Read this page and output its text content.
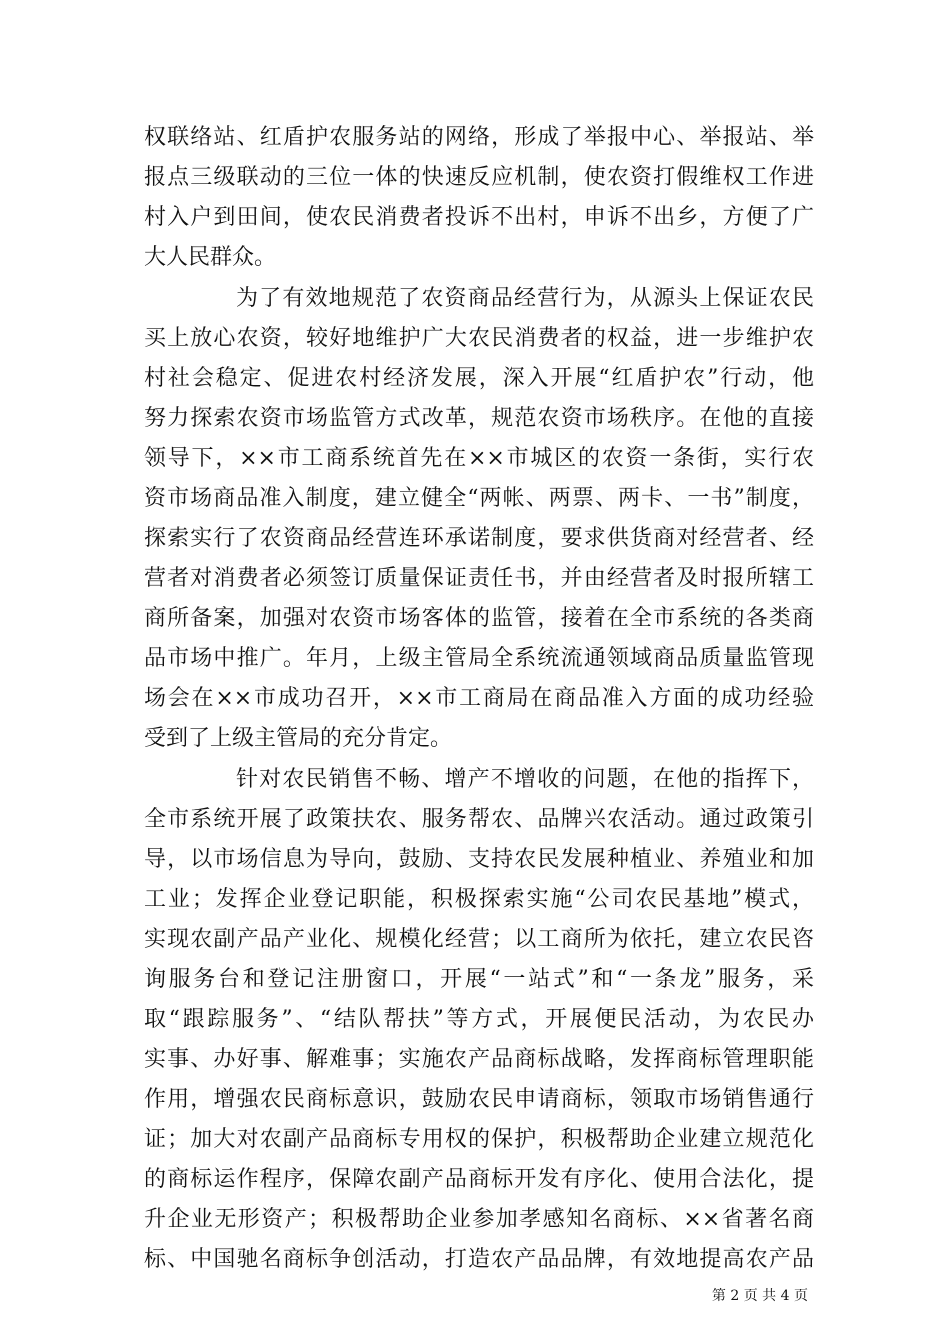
权联络站、红盾护农服务站的网络，形成了举报中心、举报站、举
报点三级联动的三位一体的快速反应机制，使农资打假维权工作进
村入户到田间，使农民消费者投诉不出村，申诉不出乡，方便了广
大人民群众。
为了有效地规范了农资商品经营行为，从源头上保证农民
买上放心农资，较好地维护广大农民消费者的权益，进一步维护农
村社会稳定、促进农村经济发展，深入开展“红盾护农”行动，他
努力探索农资市场监管方式改革，规范农资市场秩序。在他的直接
领导下，××市工商系统首先在××市城区的农资一条街，实行农
资市场商品准入制度，建立健全“两帐、两票、两卡、一书”制度，
探索实行了农资商品经营连环承诺制度，要求供货商对经营者、经
营者对消费者必须签订质量保证责任书，并由经营者及时报所辖工
商所备案，加强对农资市场客体的监管，接着在全市系统的各类商
品市场中推广。年月，上级主管局全系统流通领域商品质量监管现
场会在××市成功召开，××市工商局在商品准入方面的成功经验
受到了上级主管局的充分肯定。
针对农民销售不畅、增产不增收的问题，在他的指挥下，
全市系统开展了政策扶农、服务帮农、品牌兴农活动。通过政策引
导，以市场信息为导向，鼓励、支持农民发展种植业、养殖业和加
工业；发挥企业登记职能，积极探索实施“公司农民基地”模式，
实现农副产品产业化、规模化经营；以工商所为依托，建立农民咨
询服务台和登记注册窗口，开展“一站式”和“一条龙”服务，采
取“跟踪服务”、“结队帮扶”等方式，开展便民活动，为农民办
实事、办好事、解难事；实施农产品商标战略，发挥商标管理职能
作用，增强农民商标意识，鼓励农民申请商标，领取市场销售通行
证；加大对农副产品商标专用权的保护，积极帮助企业建立规范化
的商标运作程序，保障农副产品商标开发有序化、使用合法化，提
升企业无形资产；积极帮助企业参加孝感知名商标、××省著名商
标、中国驰名商标争创活动，打造农产品品牌，有效地提高农产品
第 2 页 共 4 页
